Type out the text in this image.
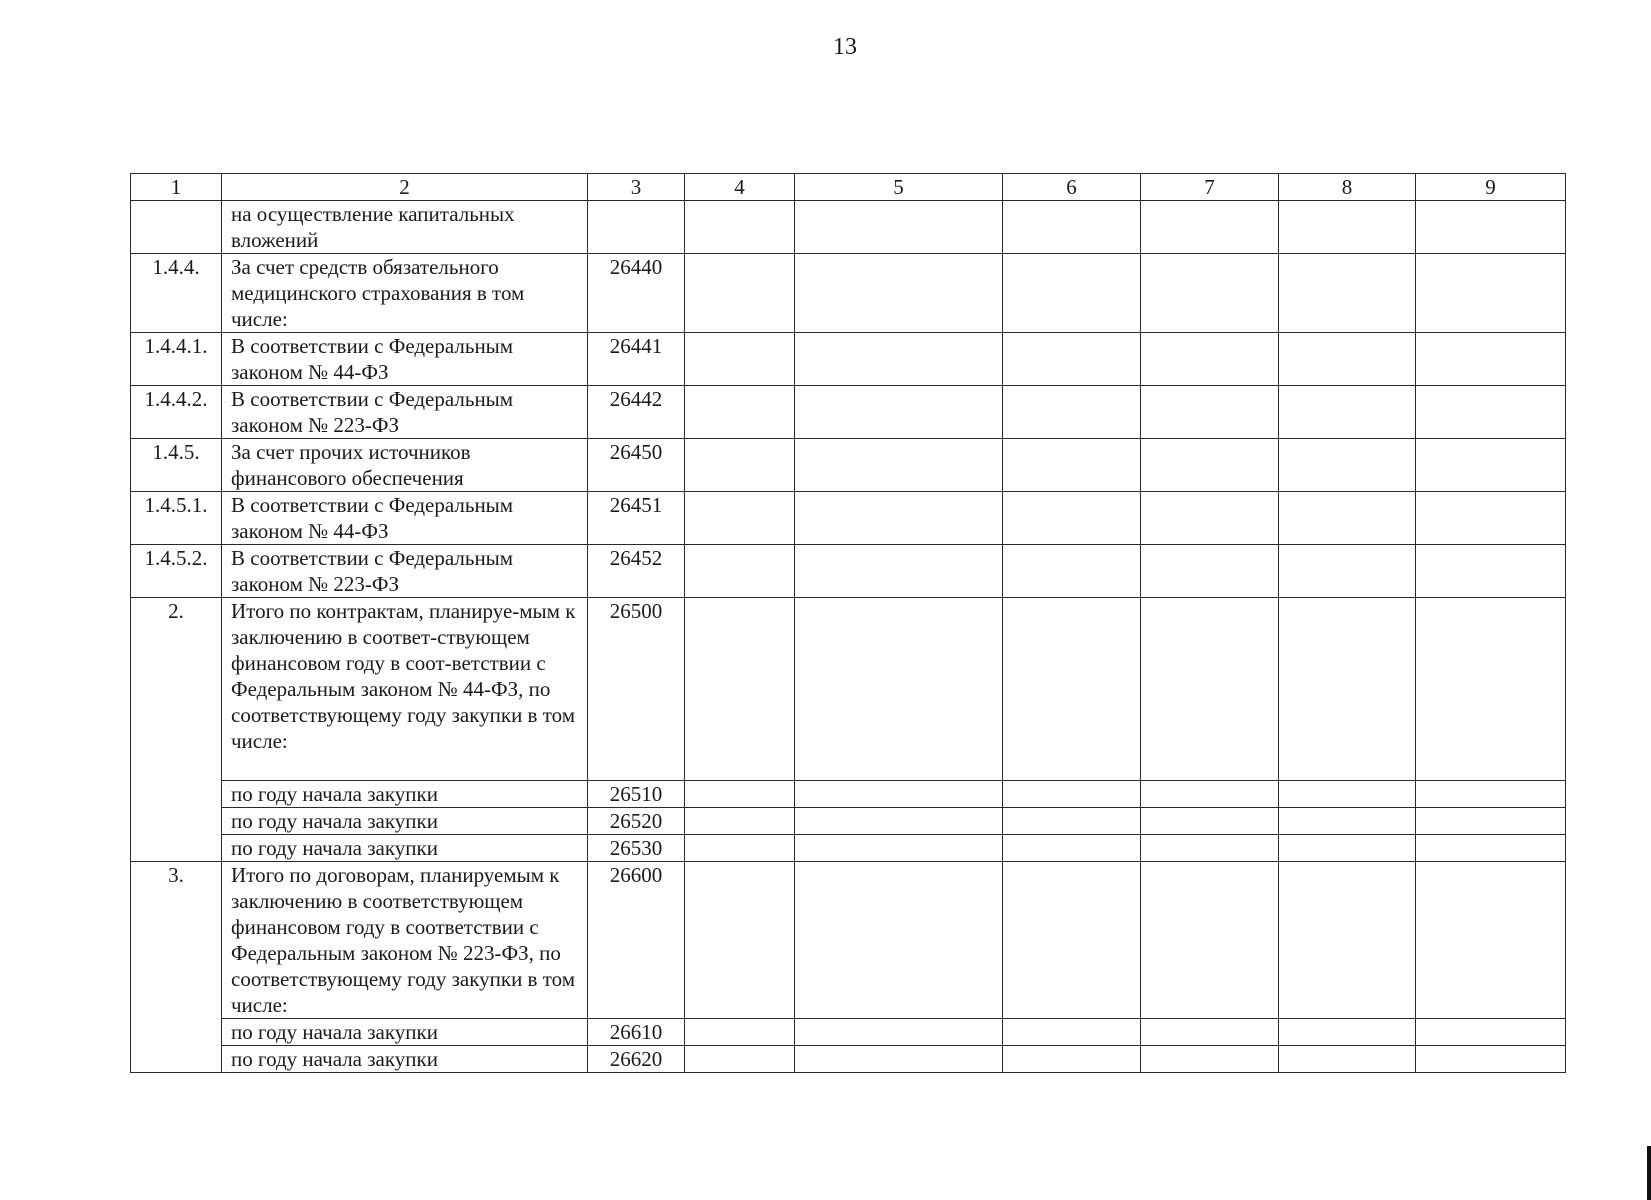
13
1	2	3	4	5	6	7	8	9
	на осуществление капитальных вложений							
1.4.4.	За счет средств обязательного медицинского страхования в том числе:	26440						
1.4.4.1.	В соответствии с Федеральным законом № 44-ФЗ	26441						
1.4.4.2.	В соответствии с Федеральным законом № 223-ФЗ	26442						
1.4.5.	За счет прочих источников финансового обеспечения	26450						
1.4.5.1.	В соответствии с Федеральным законом № 44-ФЗ	26451						
1.4.5.2.	В соответствии с Федеральным законом № 223-ФЗ	26452						
2.	Итого по контрактам, планируе-мым к заключению в соответ-ствующем финансовом году в соот-ветствии с Федеральным законом № 44-ФЗ, по соответствующему году закупки в том числе:	26500						
	по году начала закупки	26510						
	по году начала закупки	26520						
	по году начала закупки	26530						
3.	Итого по договорам, планируемым к заключению в соответствующем финансовом году в соответствии с Федеральным законом № 223-ФЗ, по соответствующему году закупки в том числе:	26600						
	по году начала закупки	26610						
	по году начала закупки	26620						
